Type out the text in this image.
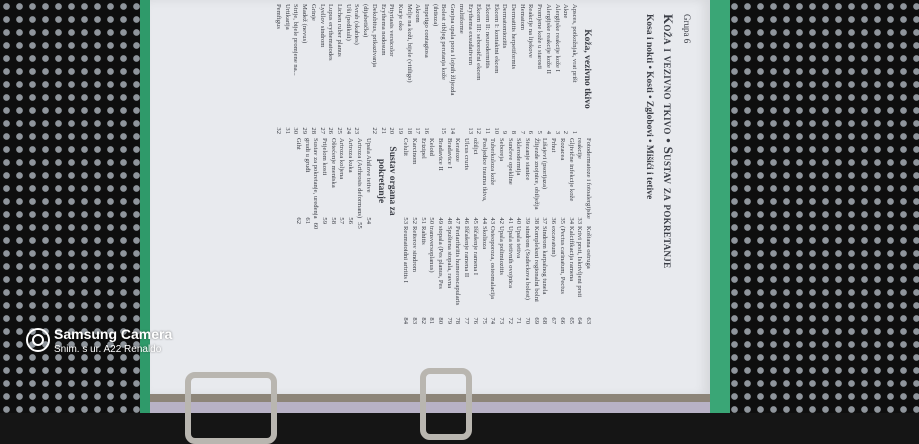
Grupa 6
Koža i vezivno tkivo • Sustav za pokretanje
Kosa i nokti • Kosti • Zglobovi • Mišići i tetive
Koža, vezivno tkivo
Apsces, potkožnjak, vrat prišt
1
Akne
2
Alergijske reakcije kože I
3
Alergijske reakcije kože II
4
Promjene kože u starosti
5
Reakcije na lijekove
6
Hematom
7
Dermatitis herpetiformis
8
Dermatomiozitis
9
Ekcem I: kontaktni ekcem
10
Ekcem II: neurodermitis
11
Ekcem III: seboroični ekcem
12
Erythema exsudativum
13
multiforme
Gnojna upala pora i lojnih žlijezda
14
Bolest ribljeg perutanja kože
15
(ihtioza)
Impetigo contagiosa
16
Akrom
17
Mrlje na koži, bijele (vitiligo)
18
Kurje oko
19
Pityriasis versicolor
20
Erythema nodosum
21
Dekubitus, prikazivanja
22
(dijabetička)
Svrab (skabies)
23
Uši (pedikuli)
24
Lichen ruber planus
25
Lupus erythematodes
26
Lyellov sindrom
27
Grinje
28
Madež (nevus)
29
Strije, bijele promjene na...
30
Urtikarija
31
Pemfigus
32
Fotodermatoze i fotoalergijske
reakcije
33
Gljivične infekcije kože
34
Rozacea
35
Prhut
36
Lišajevi (psorijaza)
37
Žlijezde znojnice, obilježja
38
Stezanje stanice
39
Sklerodermija
40
Sunčeve opekline
41
Seboreja
42
Tuberkuloza kože
43
Posljedice trauma tkiva,
44
ožiljci
45
Ulcus cruris
46
Keratoze
47
Bradavice I
48
Bradavice II
49
Keloid
50
Erizipel
51
Karcinom
52
Celulit
53
Sustav organa za pokretanje
Upala Ahilove tetive
54
Artroza (Arthrosis deformans)
55
Artroza kuka
56
Artroza koljena
57
Oštećenje meniska
58
Prijelom kosti
59
Sustav za pokretanje, uređenja
60
grudi u gruđi
61
Giht
62
Koštana ostruga
63
Krivi prsti, Iskrivljeni prsti
64
Kalcifikacija ramena
65
(Pectus carinatum, Pectus
66
excavatum)
67
Sindrom karpalnog tunela
68
Kompleksni regionalni bolni
69
sindrom (Sudeckova bolest)
70
Upala tetiva
71
Upala tetivnih ovojnica
72
Upala polimiozitis
73
Osteoporoza, osteomalacija
74
Skoliozа
75
Iščašenje ramena I
76
Iščašenje ramena II
77
Periarthritis humeroscapularis
78
Spuštena stopala, ravna
79
stopala (Pes planus, Pes
80
transversoplanus)
81
Rahitis
82
Reiterov sindrom
83
Reumatoidni artritis I
84
Samsung Camera
Snim. s ur. A22 Renaldo
